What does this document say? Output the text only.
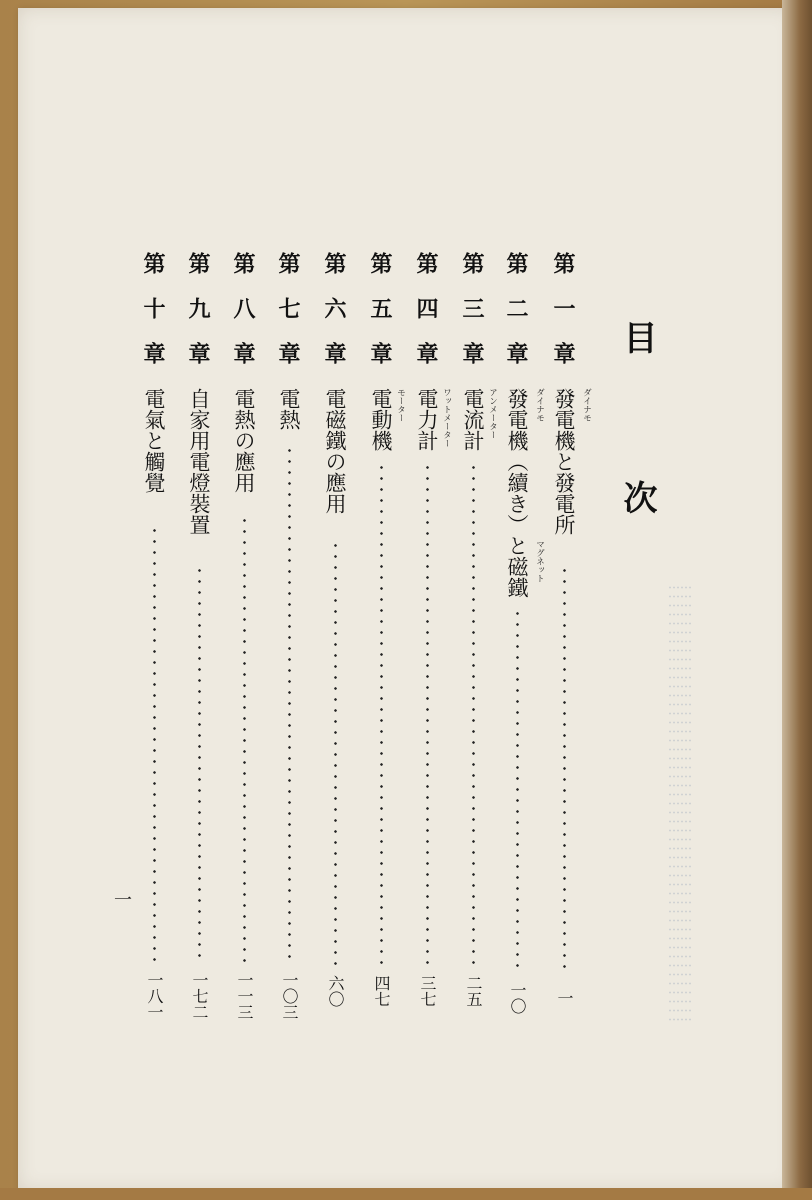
目　次
第一章
ダイナモ
發電機と發電所
一
第二章
ダイナモ
マグネット
發電機（續き）と磁鐵
一〇
第三章
アンメーター
電流計
二五
第四章
ワットメーター
電力計
三七
第五章
モーター
電動機
四七
第六章
電磁鐵の應用
六〇
第七章
電熱
一〇三
第八章
電熱の應用
一一三
第九章
自家用電燈裝置
一七二
第十章
電氣と觸覺
一八一
一
